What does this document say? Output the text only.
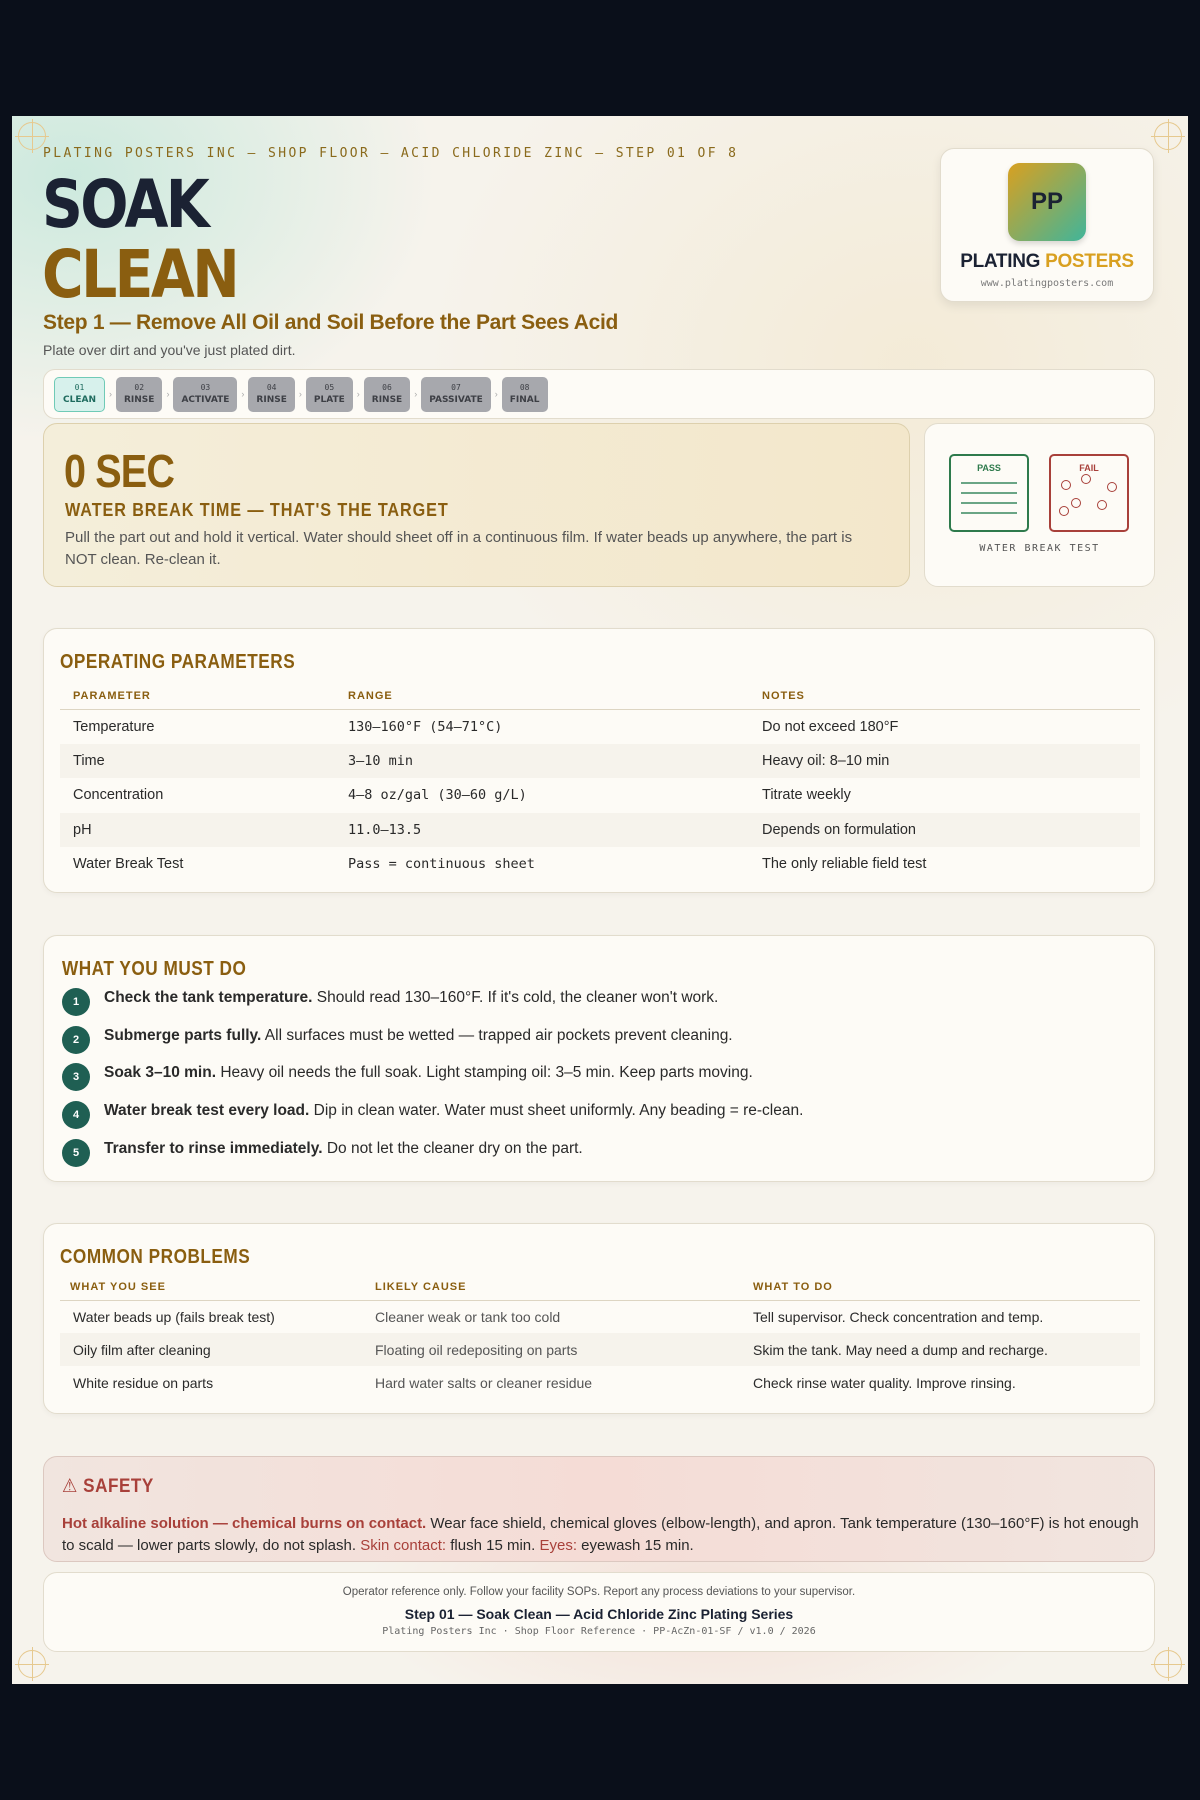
PLATING POSTERS INC — SHOP FLOOR — ACID CHLORIDE ZINC — STEP 01 OF 8
SOAK
CLEAN
Step 1 — Remove All Oil and Soil Before the Part Sees Acid
Plate over dirt and you've just plated dirt.
PP
PLATING POSTERS
www.platingposters.com
01
CLEAN
›
02
RINSE
›
03
ACTIVATE
›
04
RINSE
›
05
PLATE
›
06
RINSE
›
07
PASSIVATE
›
08
FINAL
0 SEC
WATER BREAK TIME — THAT'S THE TARGET
Pull the part out and hold it vertical. Water should sheet off in a continuous film. If water beads up anywhere, the part is NOT clean. Re-clean it.
PASS	FAIL
WATER BREAK TEST
OPERATING PARAMETERS
PARAMETER	RANGE	NOTES
Temperature	130–160°F (54–71°C)	Do not exceed 180°F
Time	3–10 min	Heavy oil: 8–10 min
Concentration	4–8 oz/gal (30–60 g/L)	Titrate weekly
pH	11.0–13.5	Depends on formulation
Water Break Test	Pass = continuous sheet	The only reliable field test
WHAT YOU MUST DO
1	Check the tank temperature. Should read 130–160°F. If it's cold, the cleaner won't work.
2	Submerge parts fully. All surfaces must be wetted — trapped air pockets prevent cleaning.
3	Soak 3–10 min. Heavy oil needs the full soak. Light stamping oil: 3–5 min. Keep parts moving.
4	Water break test every load. Dip in clean water. Water must sheet uniformly. Any beading = re-clean.
5	Transfer to rinse immediately. Do not let the cleaner dry on the part.
COMMON PROBLEMS
WHAT YOU SEE	LIKELY CAUSE	WHAT TO DO
Water beads up (fails break test)	Cleaner weak or tank too cold	Tell supervisor. Check concentration and temp.
Oily film after cleaning	Floating oil redepositing on parts	Skim the tank. May need a dump and recharge.
White residue on parts	Hard water salts or cleaner residue	Check rinse water quality. Improve rinsing.
⚠ SAFETY
Hot alkaline solution — chemical burns on contact. Wear face shield, chemical gloves (elbow-length), and apron. Tank temperature (130–160°F) is hot enough to scald — lower parts slowly, do not splash. Skin contact: flush 15 min. Eyes: eyewash 15 min.
Operator reference only. Follow your facility SOPs. Report any process deviations to your supervisor.
Step 01 — Soak Clean — Acid Chloride Zinc Plating Series
Plating Posters Inc · Shop Floor Reference · PP-AcZn-01-SF / v1.0 / 2026
